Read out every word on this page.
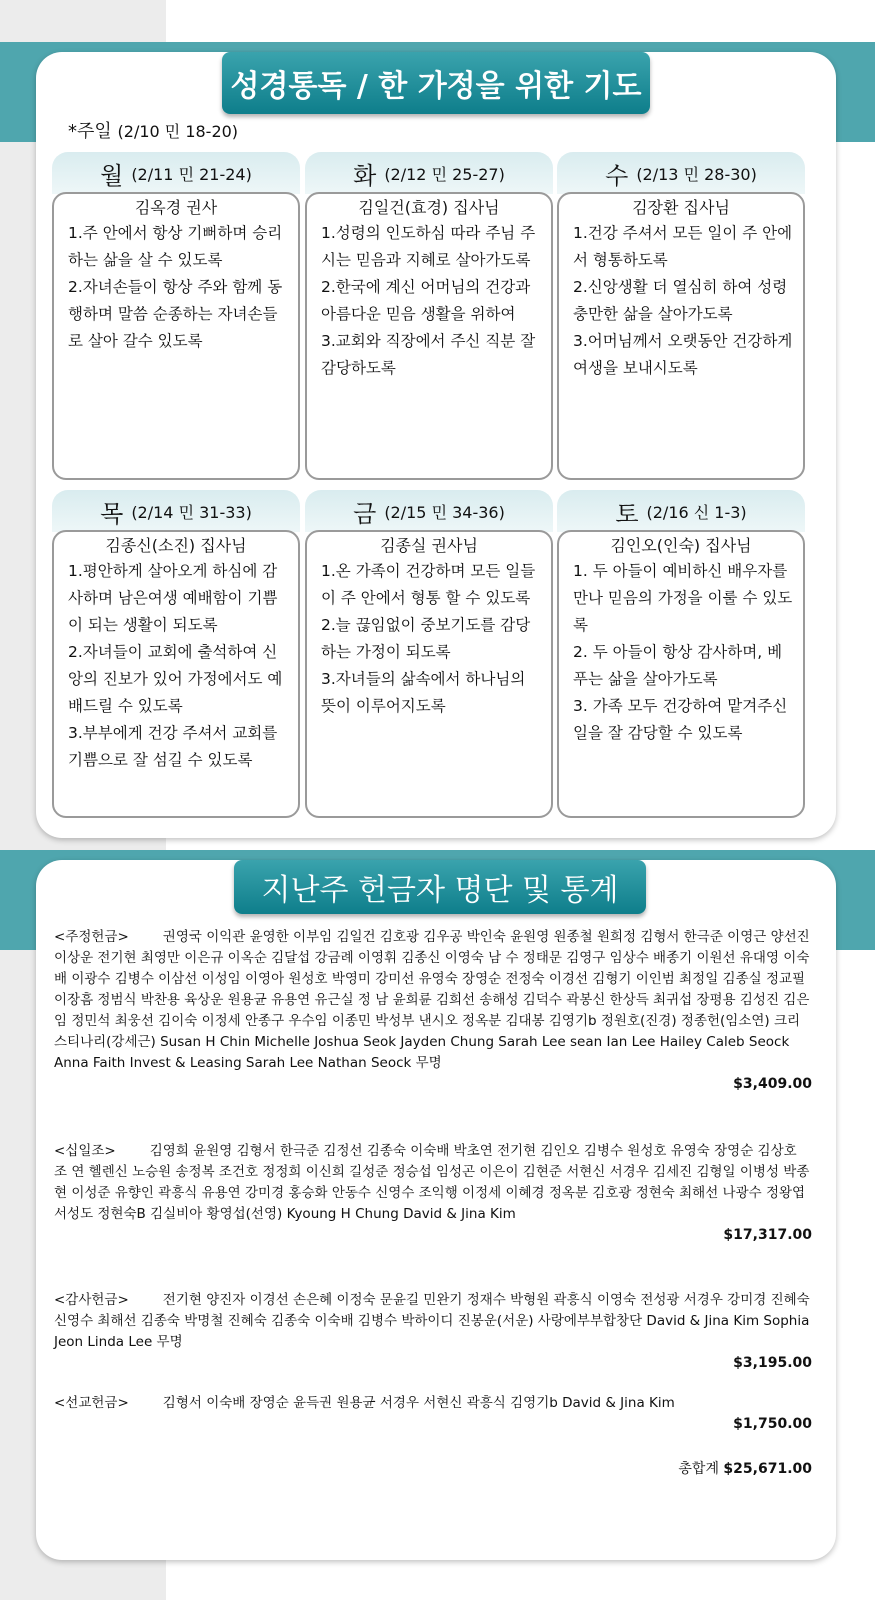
성경통독 / 한 가정을 위한 기도
*주일 (2/10 민 18-20)
월 (2/11 민 21-24)
김옥경 권사
1.주 안에서 항상 기뻐하며 승리하는 삶을 살 수 있도록
2.자녀손들이 항상 주와 함께 동행하며 말씀 순종하는 자녀손들로 살아 갈수 있도록
화 (2/12 민 25-27)
김일건(효경) 집사님
1.성령의 인도하심 따라 주님 주시는 믿음과 지혜로 살아가도록
2.한국에 계신 어머님의 건강과 아름다운 믿음 생활을 위하여
3.교회와 직장에서 주신 직분 잘 감당하도록
수 (2/13 민 28-30)
김장환 집사님
1.건강 주셔서 모든 일이 주 안에서 형통하도록
2.신앙생활 더 열심히 하여 성령 충만한 삶을 살아가도록
3.어머님께서 오랫동안 건강하게 여생을 보내시도록
목 (2/14 민 31-33)
김종신(소진) 집사님
1.평안하게 살아오게 하심에 감사하며 남은여생 예배함이 기쁨이 되는 생활이 되도록
2.자녀들이 교회에 출석하여 신앙의 진보가 있어 가정에서도 예배드릴 수 있도록
3.부부에게 건강 주셔서 교회를 기쁨으로 잘 섬길 수 있도록
금 (2/15 민 34-36)
김종실 권사님
1.온 가족이 건강하며 모든 일들이 주 안에서 형통 할 수 있도록
2.늘 끊임없이 중보기도를 감당하는 가정이 되도록
3.자녀들의 삶속에서 하나님의 뜻이 이루어지도록
토 (2/16 신 1-3)
김인오(인숙) 집사님
1. 두 아들이 예비하신 배우자를 만나 믿음의 가정을 이룰 수 있도록
2. 두 아들이 항상 감사하며, 베푸는 삶을 살아가도록
3. 가족 모두 건강하여 맡겨주신 일을 잘 감당할 수 있도록
지난주 헌금자 명단 및 통계
<주정헌금>	권영국 이익관 윤영한 이부임 김일건 김호광 김우공 박인숙 윤원영 원종철 원희정 김형서 한극준 이영근 양선진 이상운 전기현 최영만 이은규 이옥순 김달섭 강금례 이영휘 김종신 이영숙 남 수 정태문 김영구 임상수 배종기 이원선 유대영 이숙배 이광수 김병수 이삼선 이성임 이영아 원성호 박영미 강미선 유영숙 장영순 전정숙 이경선 김형기 이인범 최정일 김종실 정교필 이장흠 정범식 박찬용 육상운 원용균 유용연 유근실 정 남 윤희륜 김희선 송해성 김덕수 곽봉신 한상득 최귀섭 장평용 김성진 김은임 정민석 최웅선 김이숙 이정세 안종구 우수임 이종민 박성부 낸시오 정옥분 김대봉 김영기b 정원호(진경) 정종헌(임소연) 크리스티나리(강세근) Susan H Chin Michelle Joshua Seok Jayden Chung Sarah Lee sean Ian Lee Hailey Caleb Seock Anna Faith Invest & Leasing Sarah Lee Nathan Seock 무명
$3,409.00
<십일조>	김영희 윤원영 김형서 한극준 김정선 김종숙 이숙배 박초연 전기현 김인오 김병수 원성호 유영숙 장영순 김상호 조 연 헬렌신 노승원 송정복 조건호 정정희 이신희 길성준 정승섭 임성곤 이은이 김현준 서현신 서경우 김세진 김형일 이병성 박종현 이성준 유향인 곽흥식 유용연 강미경 홍승화 안동수 신영수 조익행 이정세 이혜경 정옥분 김호광 정현숙 최해선 나광수 정왕엽 서성도 정현숙B 김실비아 황영섭(선영) Kyoung H Chung David & Jina Kim
$17,317.00
<감사헌금>	전기현 양진자 이경선 손은혜 이정숙 문윤길 민완기 정재수 박형원 곽흥식 이영숙 전성광 서경우 강미경 진혜숙 신영수 최해선 김종숙 박명철 진혜숙 김종숙 이숙배 김병수 박하이디 진봉운(서운) 사랑에부부합창단 David & Jina Kim Sophia Jeon Linda Lee 무명
$3,195.00
<선교헌금>	김형서 이숙배 장영순 윤득권 원용균 서경우 서현신 곽흥식 김영기b David & Jina Kim
$1,750.00
총합계 $25,671.00
